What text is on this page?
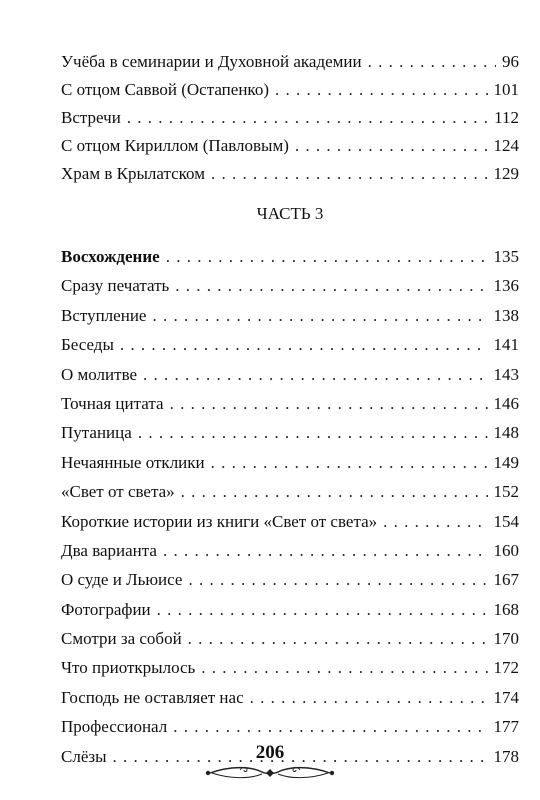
Учёба в семинарии и Духовной академии . . .	96
С отцом Саввой (Остапенко) . . .	101
Встречи . . .	112
С отцом Кириллом (Павловым) . . .	124
Храм в Крылатском . . .	129
ЧАСТЬ 3
Восхождение . . .	135
Сразу печатать . . .	136
Вступление . . .	138
Беседы . . .	141
О молитве . . .	143
Точная цитата . . .	146
Путаница . . .	148
Нечаянные отклики . . .	149
«Свет от света» . . .	152
Короткие истории из книги «Свет от света» . . .	154
Два варианта . . .	160
О суде и Льюисе . . .	167
Фотографии . . .	168
Смотри за собой . . .	170
Что приоткрылось . . .	172
Господь не оставляет нас . . .	174
Профессионал . . .	177
Слёзы . . .	178
206
